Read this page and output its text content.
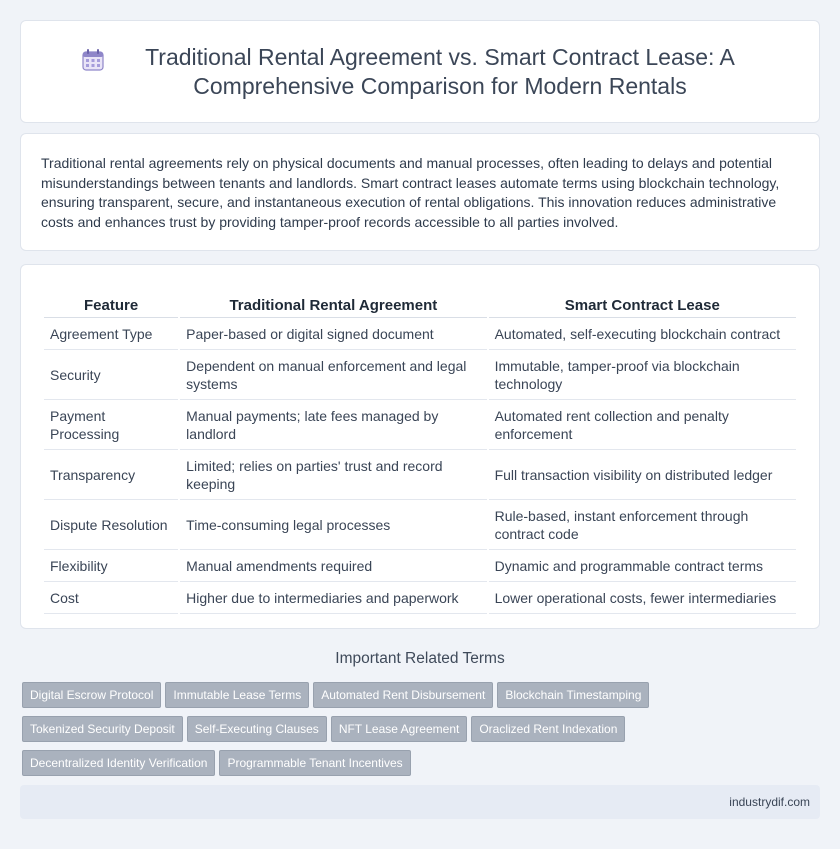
Traditional Rental Agreement vs. Smart Contract Lease: A Comprehensive Comparison for Modern Rentals

Traditional rental agreements rely on physical documents and manual processes, often leading to delays and potential misunderstandings between tenants and landlords. Smart contract leases automate terms using blockchain technology, ensuring transparent, secure, and instantaneous execution of rental obligations. This innovation reduces administrative costs and enhances trust by providing tamper-proof records accessible to all parties involved.

Feature	Traditional Rental Agreement	Smart Contract Lease
Agreement Type	Paper-based or digital signed document	Automated, self-executing blockchain contract
Security	Dependent on manual enforcement and legal systems	Immutable, tamper-proof via blockchain technology
Payment Processing	Manual payments; late fees managed by landlord	Automated rent collection and penalty enforcement
Transparency	Limited; relies on parties' trust and record keeping	Full transaction visibility on distributed ledger
Dispute Resolution	Time-consuming legal processes	Rule-based, instant enforcement through contract code
Flexibility	Manual amendments required	Dynamic and programmable contract terms
Cost	Higher due to intermediaries and paperwork	Lower operational costs, fewer intermediaries
Important Related Terms
Digital Escrow Protocol Immutable Lease Terms Automated Rent Disbursement Blockchain Timestamping
Tokenized Security Deposit Self-Executing Clauses NFT Lease Agreement Oraclized Rent Indexation
Decentralized Identity Verification Programmable Tenant Incentives
industrydif.com
